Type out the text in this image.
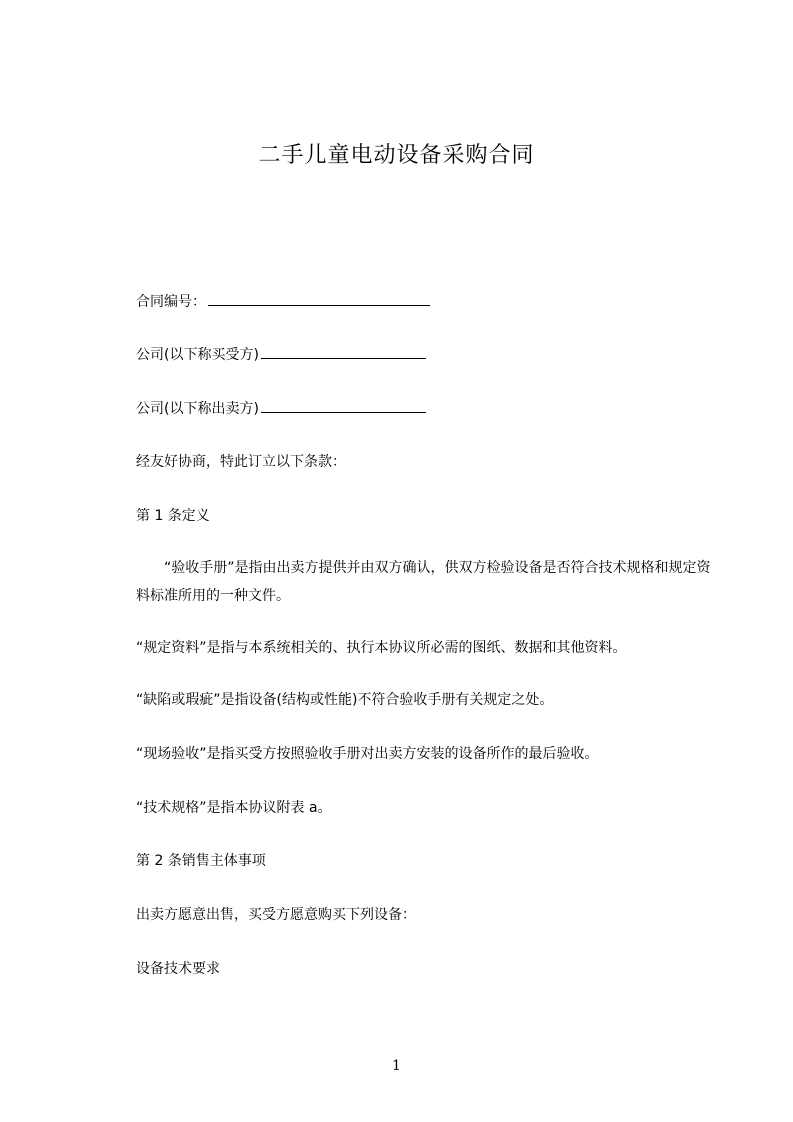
二手儿童电动设备采购合同
合同编号：
公司(以下称买受方)
公司(以下称出卖方)
经友好协商，特此订立以下条款：
第 1 条定义
“验收手册”是指由出卖方提供并由双方确认，供双方检验设备是否符合技术规格和规定资料标准所用的一种文件。
“规定资料”是指与本系统相关的、执行本协议所必需的图纸、数据和其他资料。
“缺陷或瑕疵”是指设备(结构或性能)不符合验收手册有关规定之处。
“现场验收”是指买受方按照验收手册对出卖方安装的设备所作的最后验收。
“技术规格”是指本协议附表 a。
第 2 条销售主体事项
出卖方愿意出售，买受方愿意购买下列设备：
设备技术要求
1
